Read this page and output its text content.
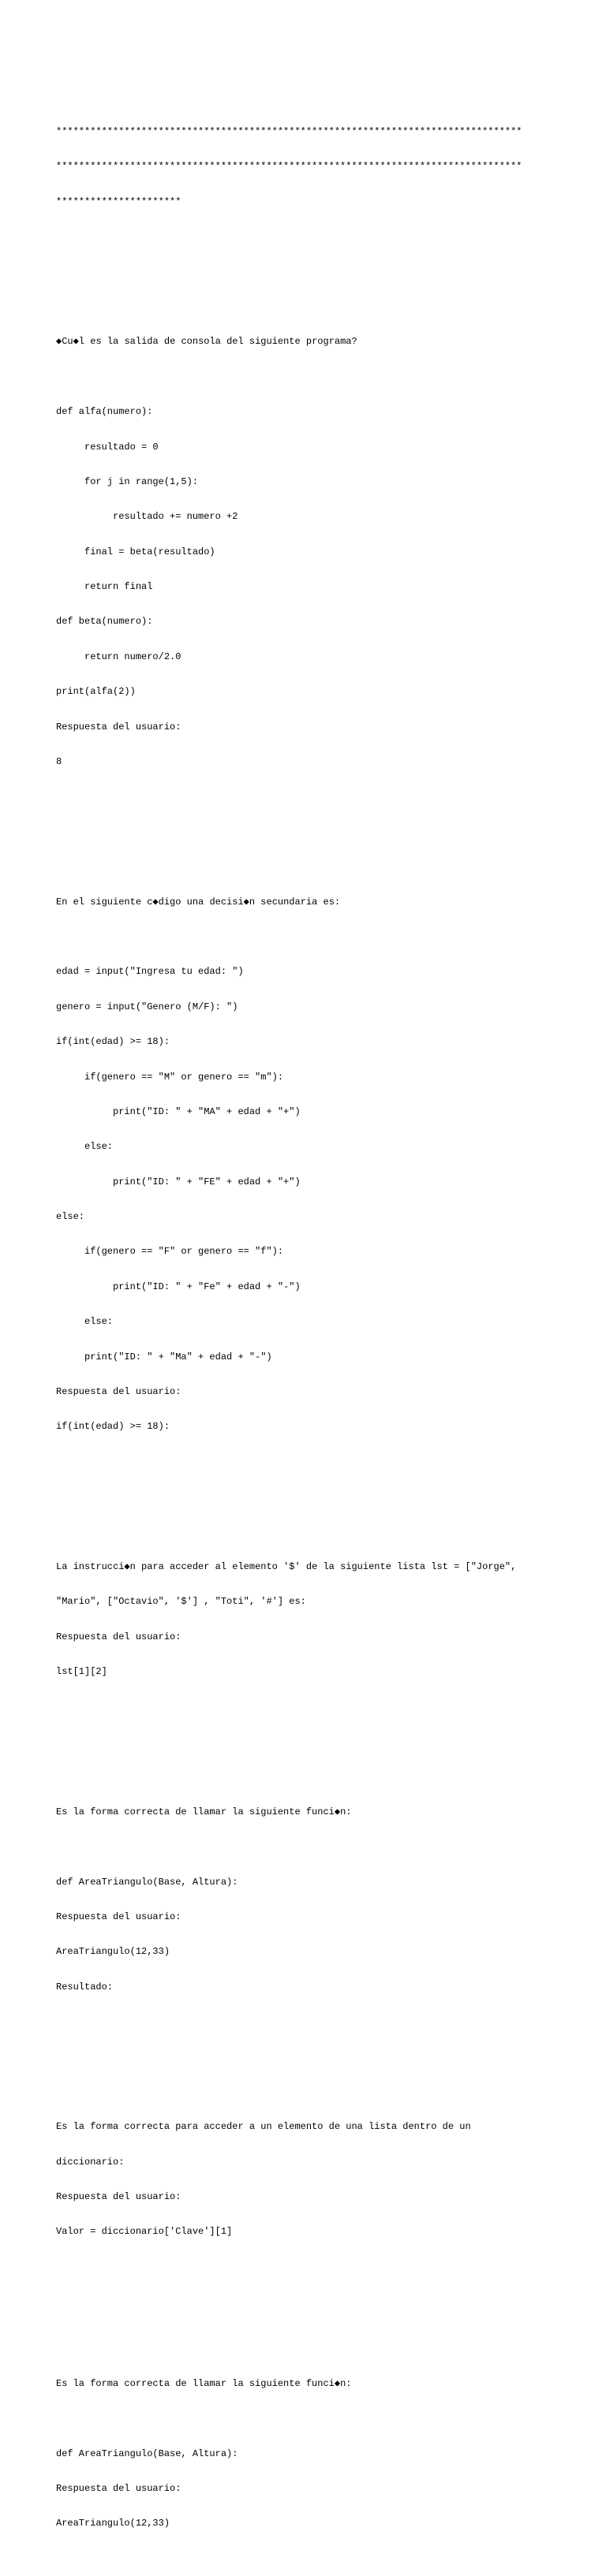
**********************************************************************************

**********************************************************************************

**********************

◆Cu◆l es la salida de consola del siguiente programa?

def alfa(numero):

resultado = 0

for j in range(1,5):

resultado += numero +2

final = beta(resultado)

return final

def beta(numero):

return numero/2.0

print(alfa(2))

Respuesta del usuario:

8

En el siguiente c◆digo una decisi◆n secundaria es:

edad = input("Ingresa tu edad: ")

genero = input("Genero (M/F): ")

if(int(edad) >= 18):

if(genero == "M" or genero == "m"):

print("ID: " + "MA" + edad + "+")

else:

print("ID: " + "FE" + edad + "+")

else:

if(genero == "F" or genero == "f"):

print("ID: " + "Fe" + edad + "-")

else:

print("ID: " + "Ma" + edad + "-")

Respuesta del usuario:

if(int(edad) >= 18):

La instrucci◆n para acceder al elemento '$' de la siguiente lista lst = ["Jorge",

"Mario", ["Octavio", '$'] , "Toti", '#'] es:

Respuesta del usuario:

lst[1][2]

Es la forma correcta de llamar la siguiente funci◆n:

def AreaTriangulo(Base, Altura):

Respuesta del usuario:

AreaTriangulo(12,33)

Resultado:

Es la forma correcta para acceder a un elemento de una lista dentro de un

diccionario:

Respuesta del usuario:

Valor = diccionario['Clave'][1]

Es la forma correcta de llamar la siguiente funci◆n:

def AreaTriangulo(Base, Altura):

Respuesta del usuario:

AreaTriangulo(12,33)
